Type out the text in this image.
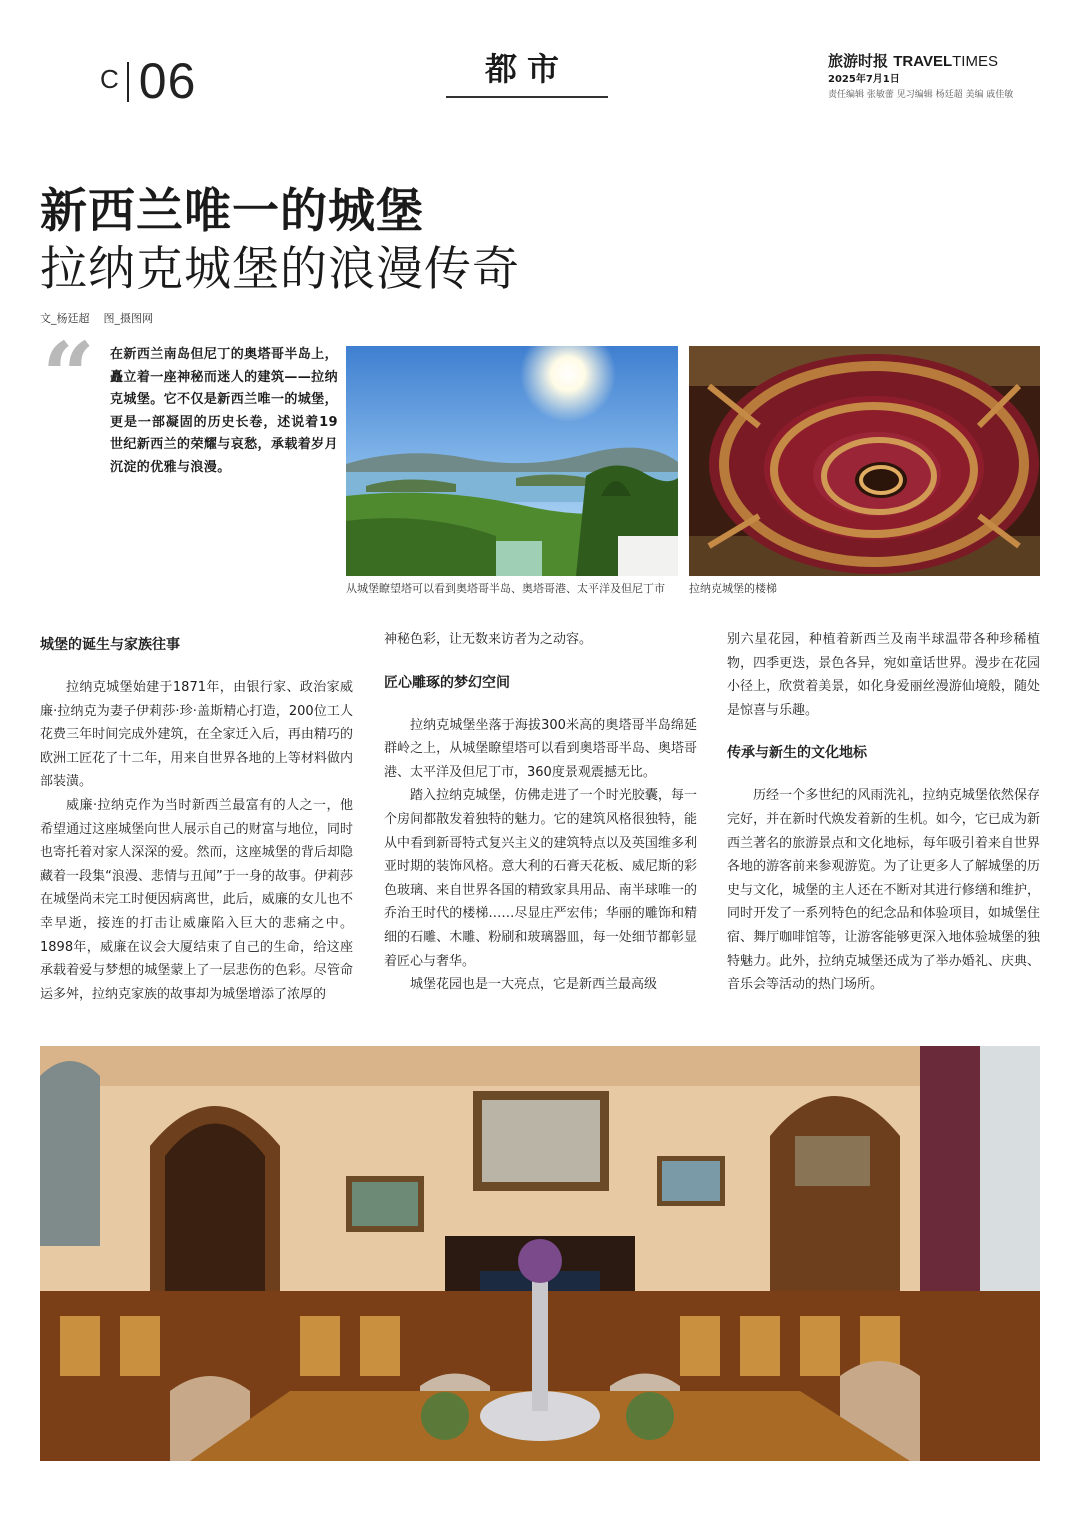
C 06	都市	旅游时报 TRAVELTIMES
2025年7月1日
责任编辑 张敏蕾 见习编辑 杨廷超 美编 戚佳敏
新西兰唯一的城堡
拉纳克城堡的浪漫传奇
文_杨廷超 图_摄图网
“ 在新西兰南岛但尼丁的奥塔哥半岛上，矗立着一座神秘而迷人的建筑——拉纳克城堡。它不仅是新西兰唯一的城堡，更是一部凝固的历史长卷，述说着19世纪新西兰的荣耀与哀愁，承载着岁月沉淀的优雅与浪漫。
从城堡瞭望塔可以看到奥塔哥半岛、奥塔哥港、太平洋及但尼丁市 拉纳克城堡的楼梯
城堡的诞生与家族往事

拉纳克城堡始建于1871年，由银行家、政治家威廉·拉纳克为妻子伊莉莎·珍·盖斯精心打造，200位工人花费三年时间完成外建筑，在全家迁入后，再由精巧的欧洲工匠花了十二年，用来自世界各地的上等材料做内部装潢。

威廉·拉纳克作为当时新西兰最富有的人之一，他希望通过这座城堡向世人展示自己的财富与地位，同时也寄托着对家人深深的爱。然而，这座城堡的背后却隐藏着一段集“浪漫、悲情与丑闻”于一身的故事。伊莉莎在城堡尚未完工时便因病离世，此后，威廉的女儿也不幸早逝，接连的打击让威廉陷入巨大的悲痛之中。1898年，威廉在议会大厦结束了自己的生命，给这座承载着爱与梦想的城堡蒙上了一层悲伤的色彩。尽管命运多舛，拉纳克家族的故事却为城堡增添了浓厚的

神秘色彩，让无数来访者为之动容。

匠心雕琢的梦幻空间

拉纳克城堡坐落于海拔300米高的奥塔哥半岛绵延群岭之上，从城堡瞭望塔可以看到奥塔哥半岛、奥塔哥港、太平洋及但尼丁市，360度景观震撼无比。

踏入拉纳克城堡，仿佛走进了一个时光胶囊，每一个房间都散发着独特的魅力。它的建筑风格很独特，能从中看到新哥特式复兴主义的建筑特点以及英国维多利亚时期的装饰风格。意大利的石膏天花板、威尼斯的彩色玻璃、来自世界各国的精致家具用品、南半球唯一的乔治王时代的楼梯……尽显庄严宏伟；华丽的雕饰和精细的石雕、木雕、粉刷和玻璃器皿，每一处细节都彰显着匠心与奢华。

城堡花园也是一大亮点，它是新西兰最高级

别六星花园，种植着新西兰及南半球温带各种珍稀植物，四季更迭，景色各异，宛如童话世界。漫步在花园小径上，欣赏着美景，如化身爱丽丝漫游仙境般，随处是惊喜与乐趣。

传承与新生的文化地标

历经一个多世纪的风雨洗礼，拉纳克城堡依然保存完好，并在新时代焕发着新的生机。如今，它已成为新西兰著名的旅游景点和文化地标，每年吸引着来自世界各地的游客前来参观游览。为了让更多人了解城堡的历史与文化，城堡的主人还在不断对其进行修缮和维护，同时开发了一系列特色的纪念品和体验项目，如城堡住宿、舞厅咖啡馆等，让游客能够更深入地体验城堡的独特魅力。此外，拉纳克城堡还成为了举办婚礼、庆典、音乐会等活动的热门场所。
